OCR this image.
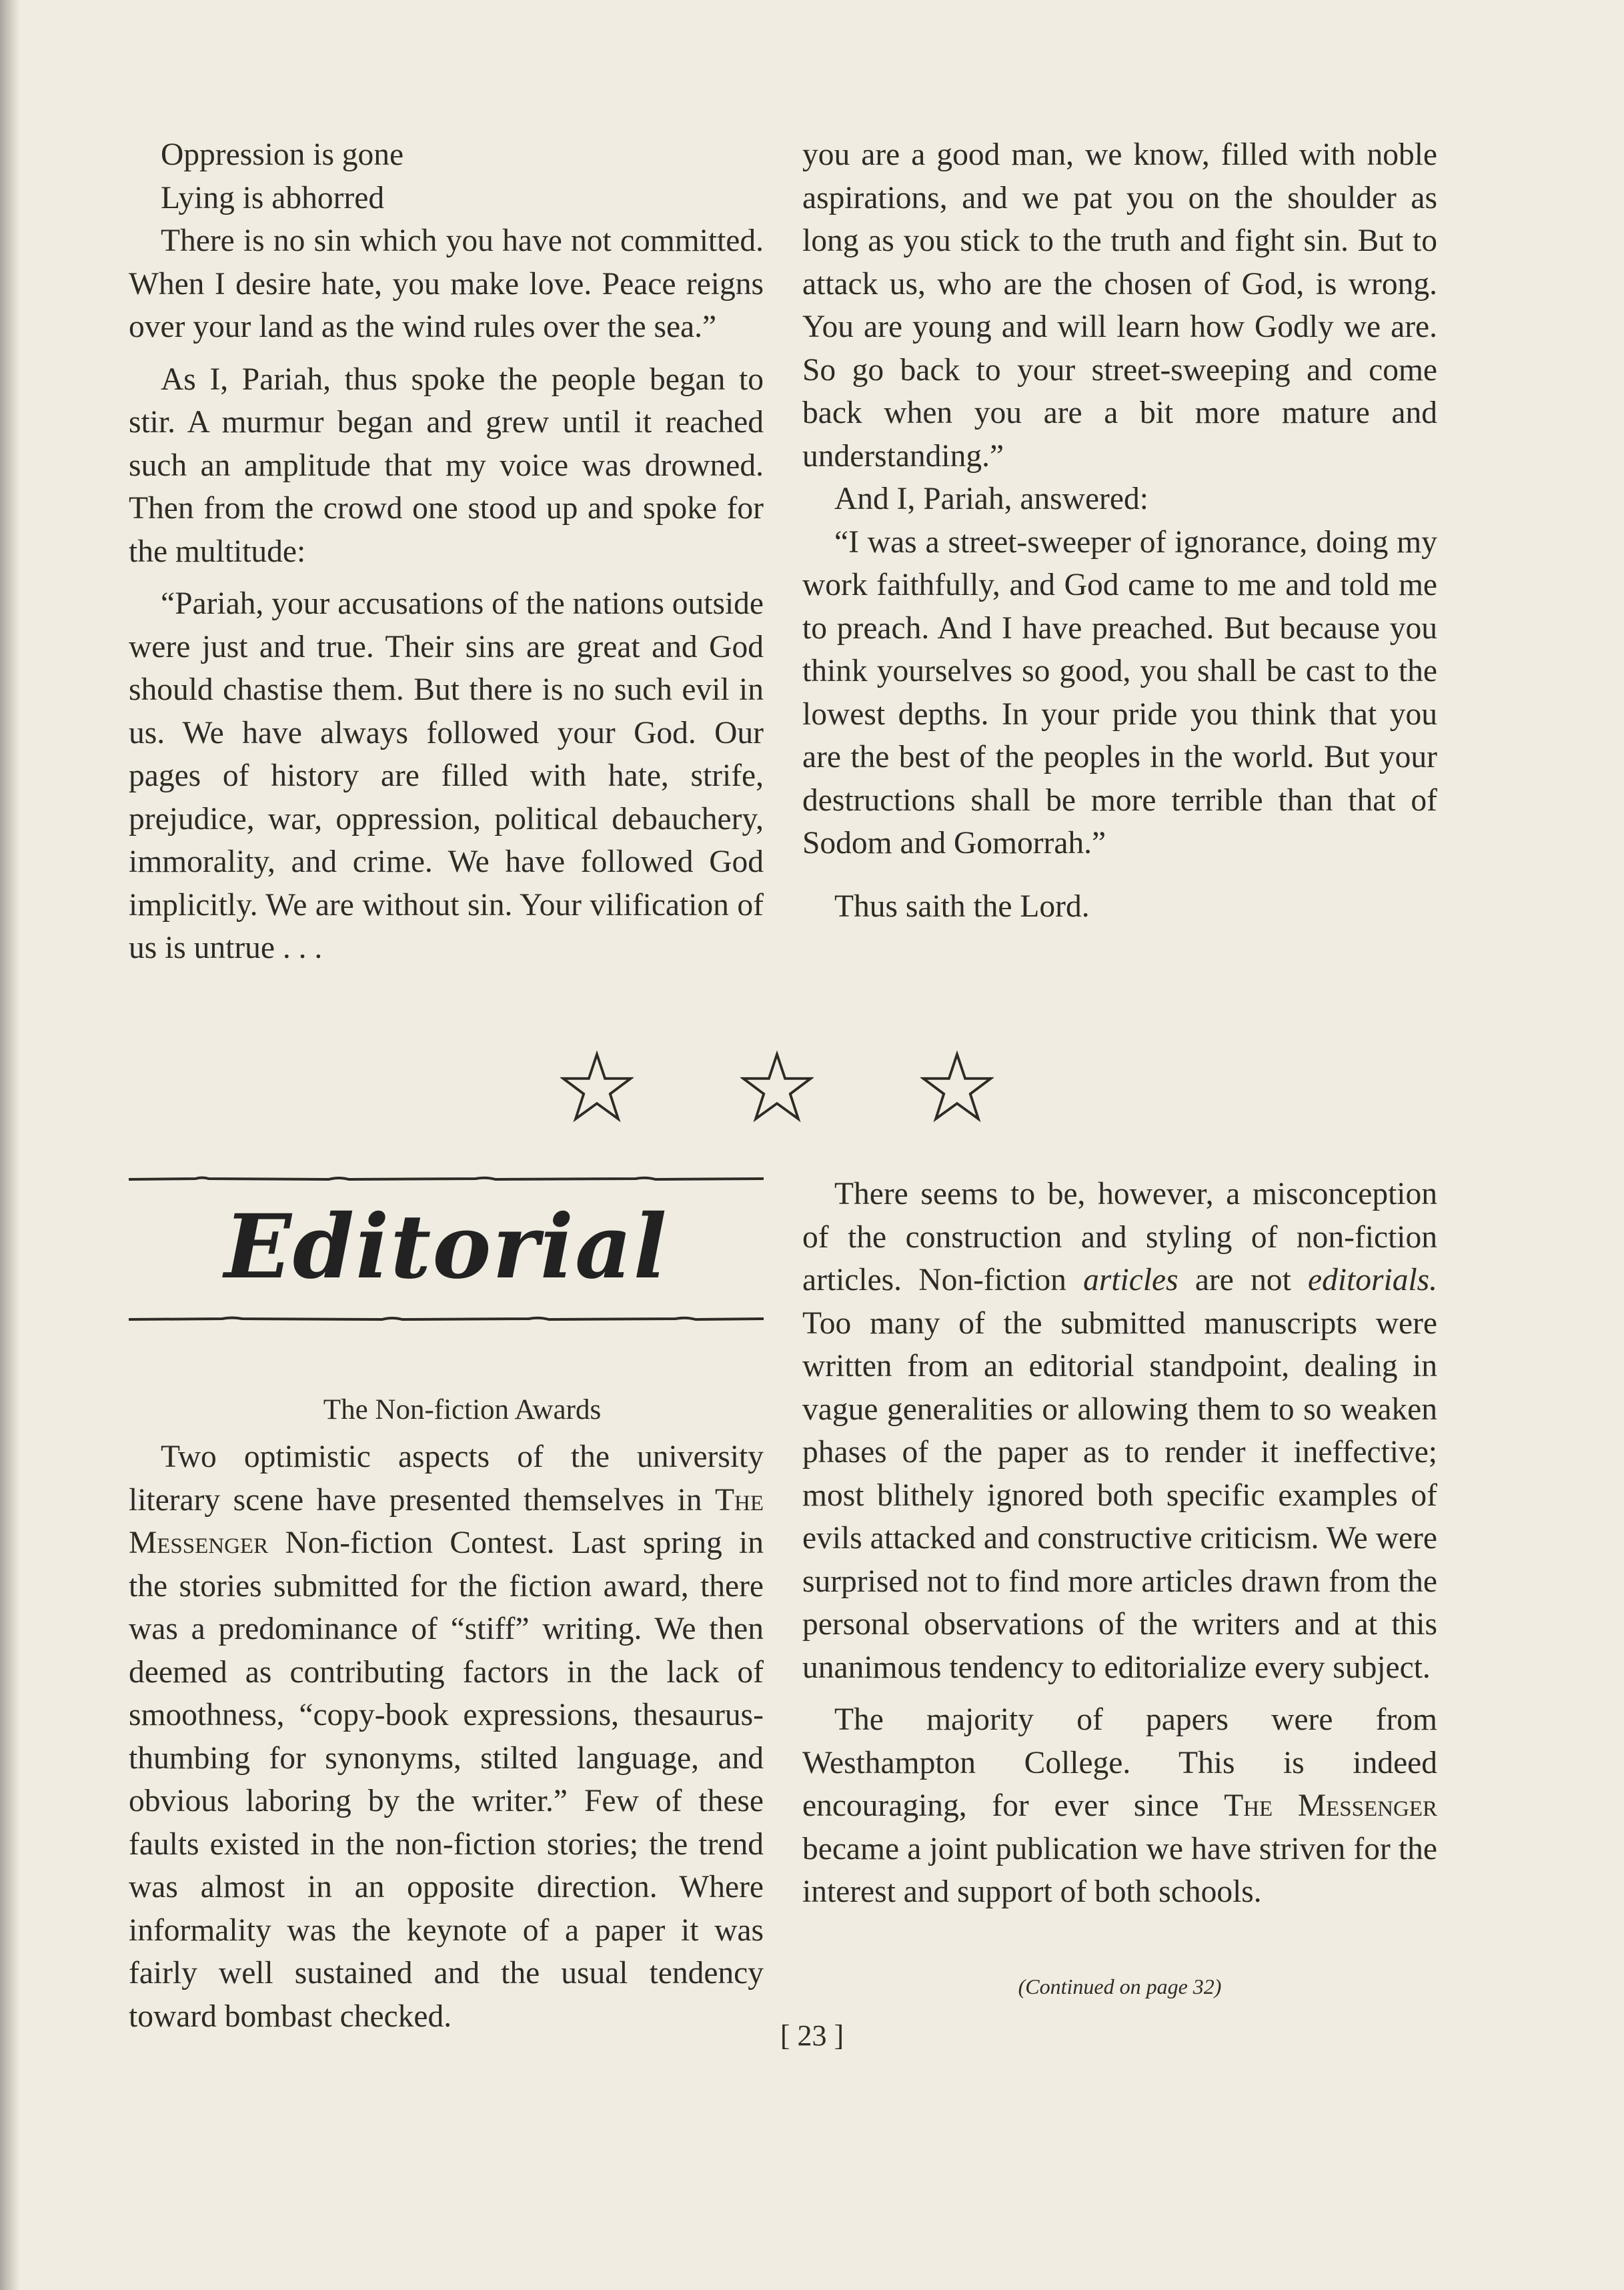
Oppression is gone

Lying is abhorred

There is no sin which you have not committed. When I desire hate, you make love. Peace reigns over your land as the wind rules over the sea.”

As I, Pariah, thus spoke the people began to stir. A murmur began and grew until it reached such an amplitude that my voice was drowned. Then from the crowd one stood up and spoke for the multitude:

“Pariah, your accusations of the nations outside were just and true. Their sins are great and God should chastise them. But there is no such evil in us. We have always followed your God. Our pages of history are filled with hate, strife, prejudice, war, oppression, political debauchery, immorality, and crime. We have followed God implicitly. We are without sin. Your vilification of us is untrue . . .

you are a good man, we know, filled with noble aspirations, and we pat you on the shoulder as long as you stick to the truth and fight sin. But to attack us, who are the chosen of God, is wrong. You are young and will learn how Godly we are. So go back to your street-sweeping and come back when you are a bit more mature and understanding.”

And I, Pariah, answered:

“I was a street-sweeper of ignorance, doing my work faithfully, and God came to me and told me to preach. And I have preached. But because you think yourselves so good, you shall be cast to the lowest depths. In your pride you think that you are the best of the peoples in the world. But your destructions shall be more terrible than that of Sodom and Gomorrah.”

Thus saith the Lord.

Editorial

The Non-fiction Awards

Two optimistic aspects of the university literary scene have presented themselves in The Messenger Non-fiction Contest. Last spring in the stories submitted for the fiction award, there was a predominance of “stiff” writing. We then deemed as contributing factors in the lack of smoothness, “copy-book expressions, thesaurus-thumbing for synonyms, stilted language, and obvious laboring by the writer.” Few of these faults existed in the non-fiction stories; the trend was almost in an opposite direction. Where informality was the keynote of a paper it was fairly well sustained and the usual tendency toward bombast checked.

There seems to be, however, a misconception of the construction and styling of non-fiction articles. Non-fiction articles are not editorials. Too many of the submitted manuscripts were written from an editorial standpoint, dealing in vague generalities or allowing them to so weaken phases of the paper as to render it ineffective; most blithely ignored both specific examples of evils attacked and constructive criticism. We were surprised not to find more articles drawn from the personal observations of the writers and at this unanimous tendency to editorialize every subject.

The majority of papers were from Westhampton College. This is indeed encouraging, for ever since The Messenger became a joint publication we have striven for the interest and support of both schools.

(Continued on page 32)
[ 23 ]
